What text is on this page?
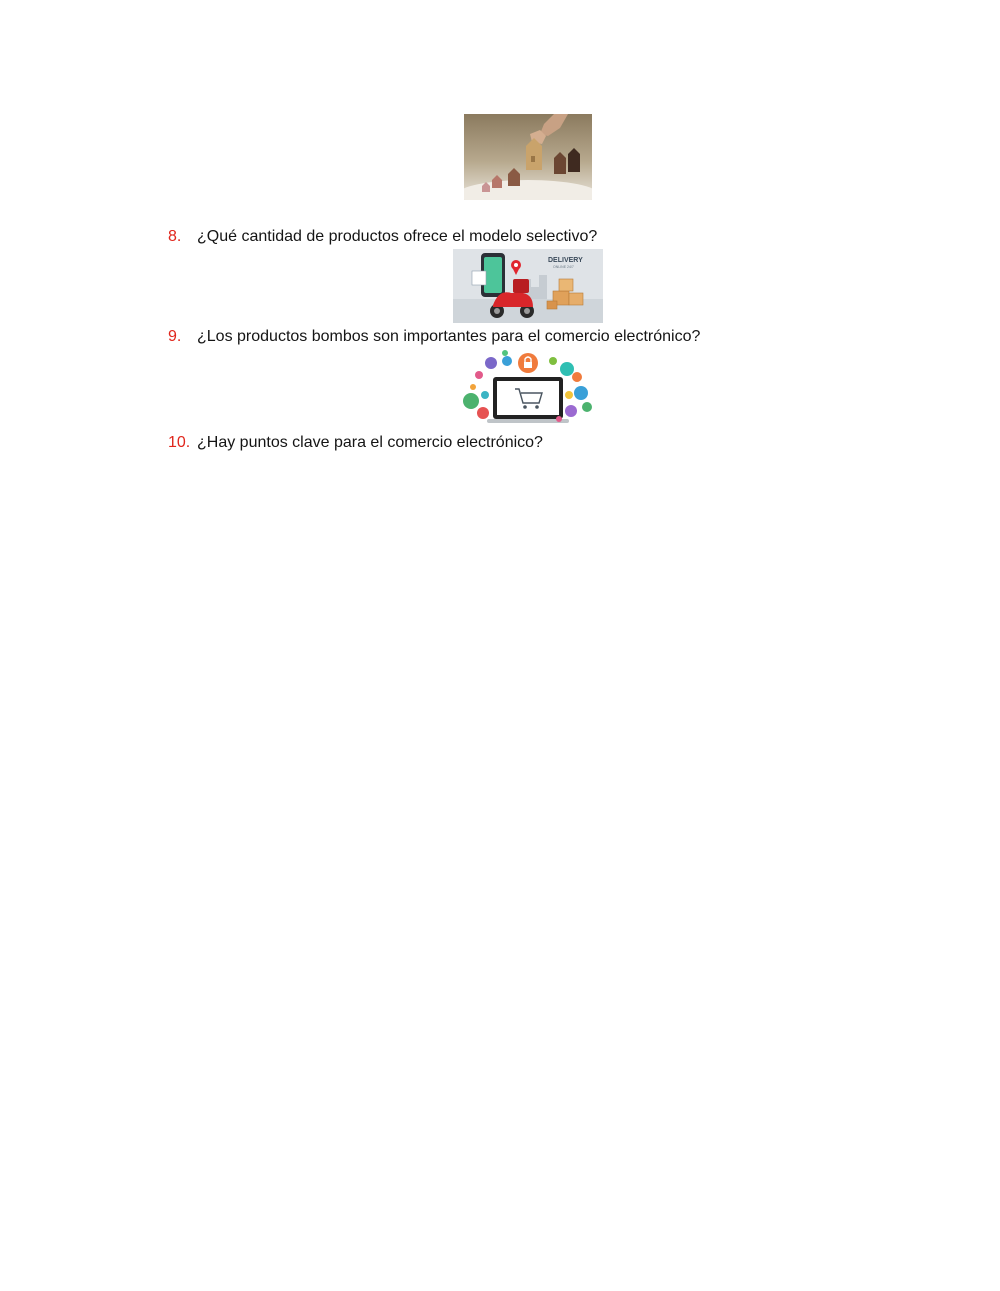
8. ¿Qué cantidad de productos ofrece el modelo selectivo?
DELIVERY
ONLINE 24/7
9. ¿Los productos bombos son importantes para el comercio electrónico?
10. ¿Hay puntos clave para el comercio electrónico?
